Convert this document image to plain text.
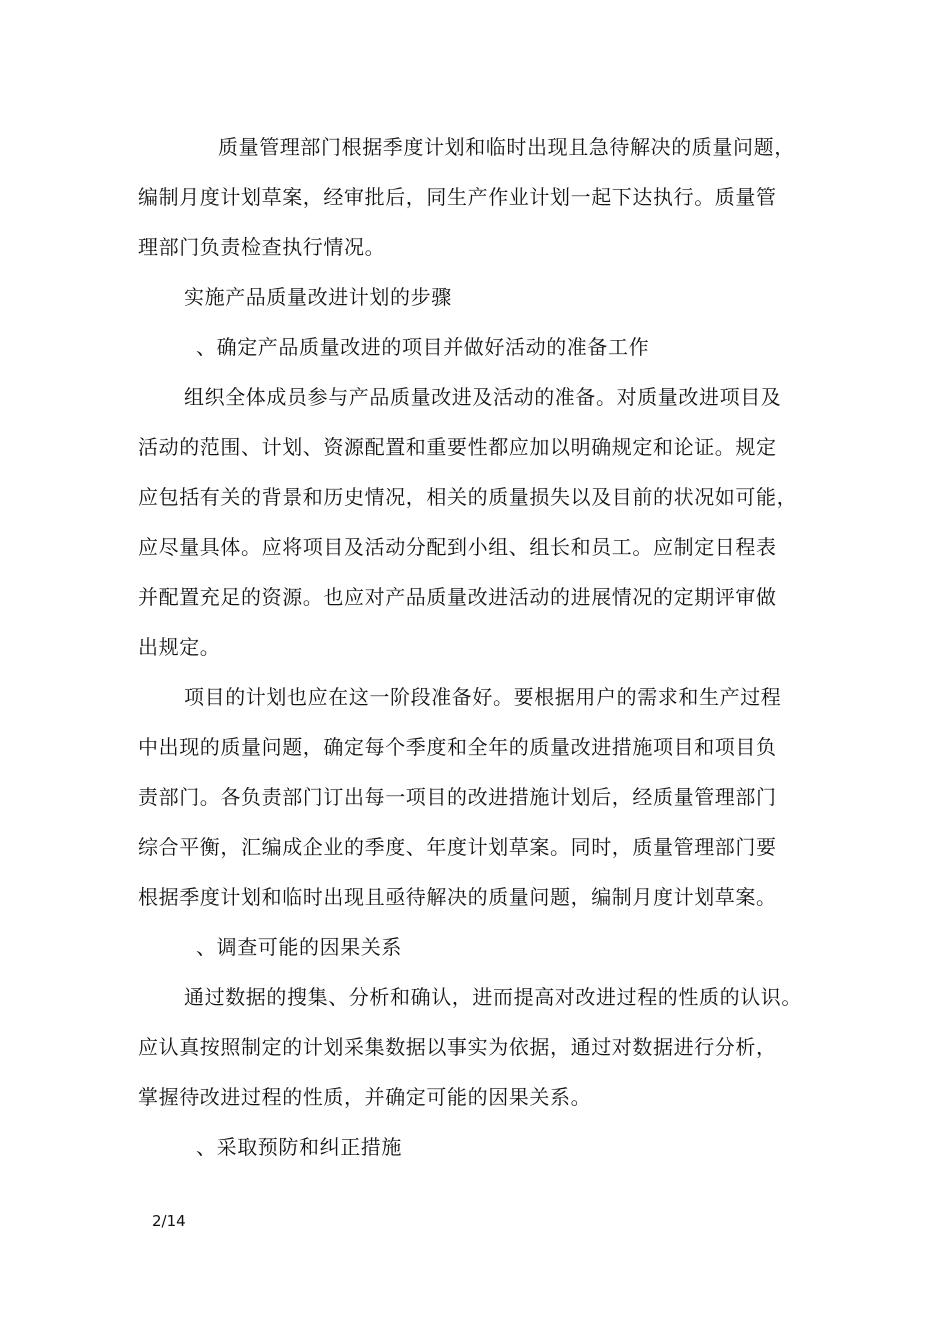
质量管理部门根据季度计划和临时出现且急待解决的质量问题，
编制月度计划草案，经审批后，同生产作业计划一起下达执行。质量管
理部门负责检查执行情况。
实施产品质量改进计划的步骤
、确定产品质量改进的项目并做好活动的准备工作
组织全体成员参与产品质量改进及活动的准备。对质量改进项目及
活动的范围、计划、资源配置和重要性都应加以明确规定和论证。规定
应包括有关的背景和历史情况，相关的质量损失以及目前的状况如可能，
应尽量具体。应将项目及活动分配到小组、组长和员工。应制定日程表
并配置充足的资源。也应对产品质量改进活动的进展情况的定期评审做
出规定。
项目的计划也应在这一阶段准备好。要根据用户的需求和生产过程
中出现的质量问题，确定每个季度和全年的质量改进措施项目和项目负
责部门。各负责部门订出每一项目的改进措施计划后，经质量管理部门
综合平衡，汇编成企业的季度、年度计划草案。同时，质量管理部门要
根据季度计划和临时出现且亟待解决的质量问题，编制月度计划草案。
、调查可能的因果关系
通过数据的搜集、分析和确认，进而提高对改进过程的性质的认识。
应认真按照制定的计划采集数据以事实为依据，通过对数据进行分析，
掌握待改进过程的性质，并确定可能的因果关系。
、采取预防和纠正措施
2/14
